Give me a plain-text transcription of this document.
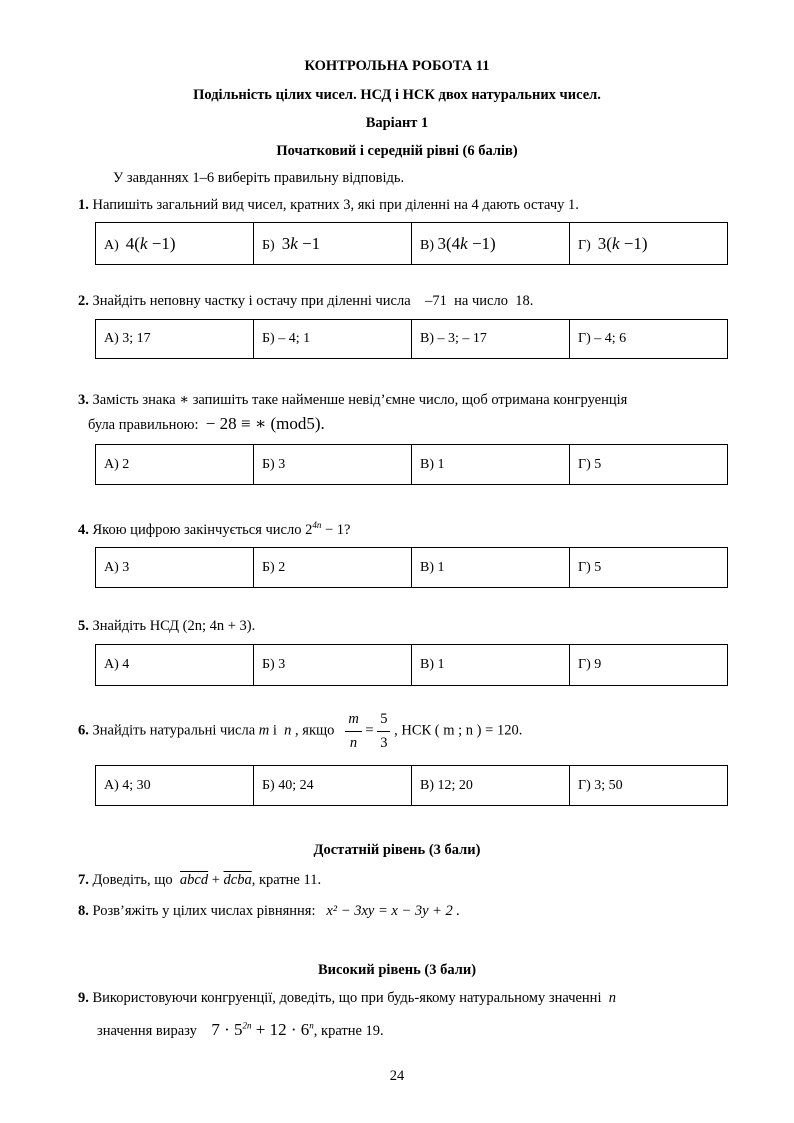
КОНТРОЛЬНА РОБОТА 11
Подільність цілих чисел. НСД і НСК двох натуральних чисел.
Варіант 1
Початковий і середній рівні (6 балів)
У завданнях 1–6 виберіть правильну відповідь.
1. Напишіть загальний вид чисел, кратних 3, які при діленні на 4 дають остачу 1.
А) 4(k −1)	Б) 3k −1	В) 3(4k −1)	Г) 3(k −1)
2. Знайдіть неповну частку і остачу при діленні числа –71 на число 18.
А) 3; 17	Б) – 4; 1	В) – 3; – 17	Г) – 4; 6
3. Замість знака ∗ запишіть таке найменше невід’ємне число, щоб отримана конгруенція
була правильною: − 28 ≡ ∗ (mod5).
А) 2	Б) 3	В) 1	Г) 5
4. Якою цифрою закінчується число $2^{4n} - 1$?
А) 3	Б) 2	В) 1	Г) 5
5. Знайдіть НСД (2n; 4n + 3).
А) 4	Б) 3	В) 1	Г) 9
6. Знайдіть натуральні числа m і n , якщо $\frac{m}{n} = \frac{5}{3}$ , НСК ( m ; n ) = 120.
А) 4; 30	Б) 40; 24	В) 12; 20	Г) 3; 50
Достатній рівень (3 бали)
7. Доведіть, що abcd + dcba, кратне 11.
8. Розв’яжіть у цілих числах рівняння: x² − 3xy = x − 3y + 2 .
Високий рівень (3 бали)
9. Використовуючи конгруенції, доведіть, що при будь-якому натуральному значенні n
значення виразу $7 \cdot 5^{2n} + 12 \cdot 6^n$, кратне 19.
24
